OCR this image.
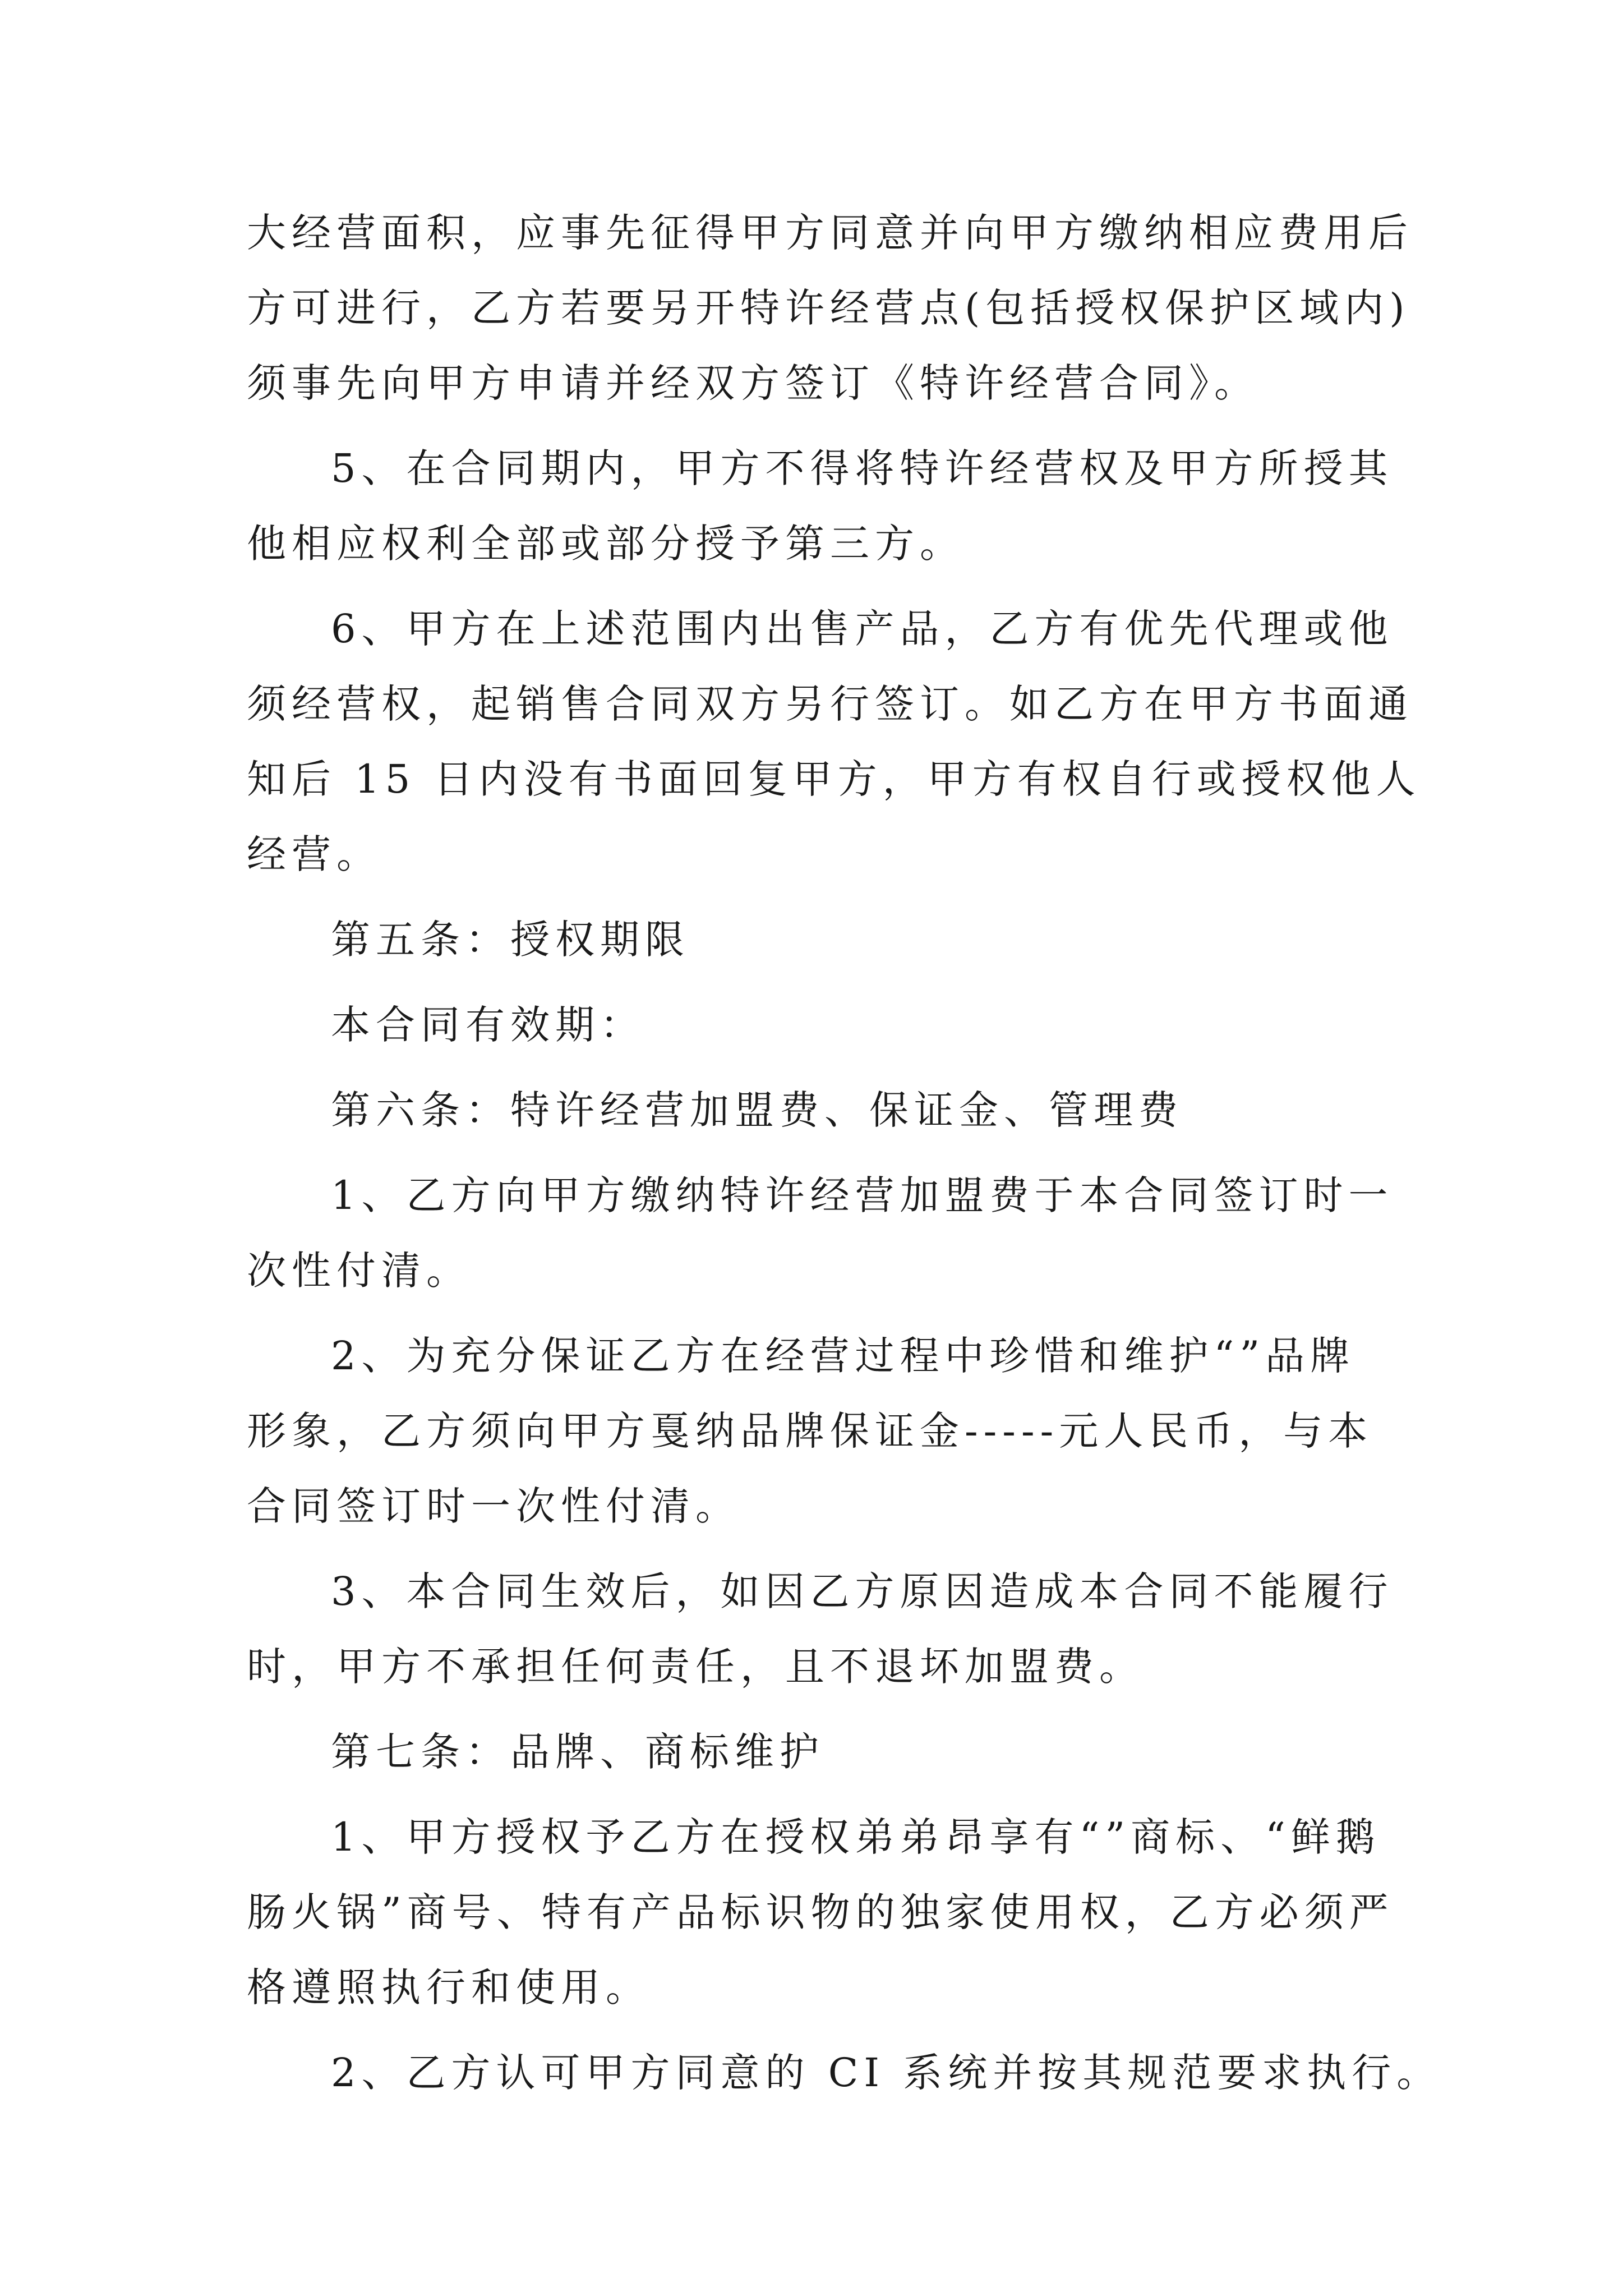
大经营面积，应事先征得甲方同意并向甲方缴纳相应费用后
方可进行，乙方若要另开特许经营点(包括授权保护区域内)
须事先向甲方申请并经双方签订《特许经营合同》。
5、在合同期内，甲方不得将特许经营权及甲方所授其
他相应权利全部或部分授予第三方。
6、甲方在上述范围内出售产品，乙方有优先代理或他
须经营权，起销售合同双方另行签订。如乙方在甲方书面通
知后 15 日内没有书面回复甲方，甲方有权自行或授权他人
经营。
第五条：授权期限
本合同有效期：
第六条：特许经营加盟费、保证金、管理费
1、乙方向甲方缴纳特许经营加盟费于本合同签订时一
次性付清。
2、为充分保证乙方在经营过程中珍惜和维护“”品牌
形象，乙方须向甲方戛纳品牌保证金-----元人民币，与本
合同签订时一次性付清。
3、本合同生效后，如因乙方原因造成本合同不能履行
时，甲方不承担任何责任，且不退坏加盟费。
第七条：品牌、商标维护
1、甲方授权予乙方在授权弟弟昂享有“”商标、“鲜鹅
肠火锅”商号、特有产品标识物的独家使用权，乙方必须严
格遵照执行和使用。
2、乙方认可甲方同意的 CI 系统并按其规范要求执行。
